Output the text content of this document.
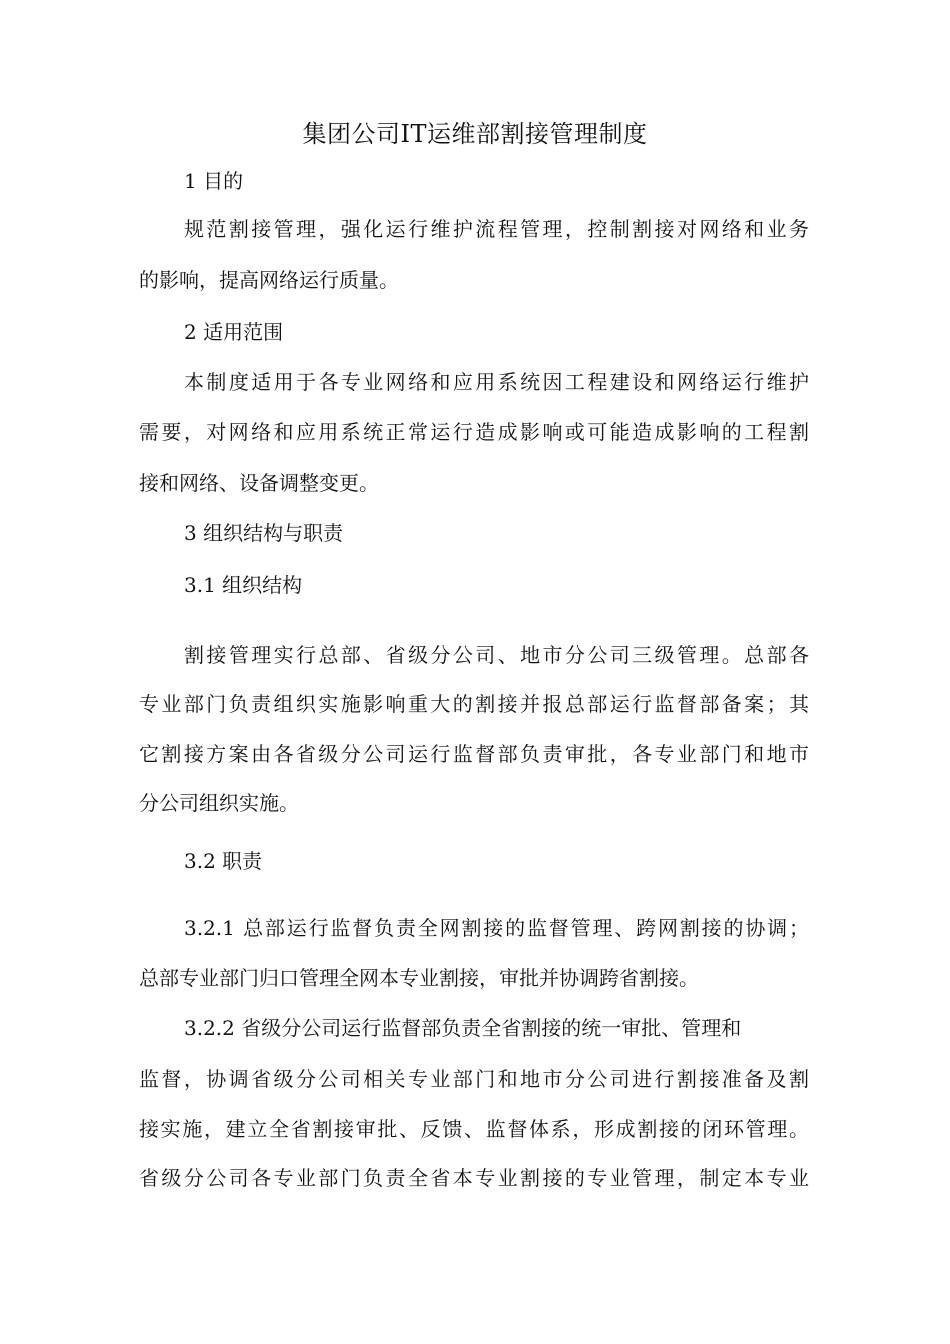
集团公司IT运维部割接管理制度
1 目的
规范割接管理，强化运行维护流程管理，控制割接对网络和业务
的影响，提高网络运行质量。
2 适用范围
本制度适用于各专业网络和应用系统因工程建设和网络运行维护
需要，对网络和应用系统正常运行造成影响或可能造成影响的工程割
接和网络、设备调整变更。
3 组织结构与职责
3.1 组织结构
割接管理实行总部、省级分公司、地市分公司三级管理。总部各
专业部门负责组织实施影响重大的割接并报总部运行监督部备案；其
它割接方案由各省级分公司运行监督部负责审批，各专业部门和地市
分公司组织实施。
3.2 职责
3.2.1 总部运行监督负责全网割接的监督管理、跨网割接的协调；
总部专业部门归口管理全网本专业割接，审批并协调跨省割接。
3.2.2 省级分公司运行监督部负责全省割接的统一审批、管理和
监督，协调省级分公司相关专业部门和地市分公司进行割接准备及割
接实施，建立全省割接审批、反馈、监督体系，形成割接的闭环管理。
省级分公司各专业部门负责全省本专业割接的专业管理，制定本专业
